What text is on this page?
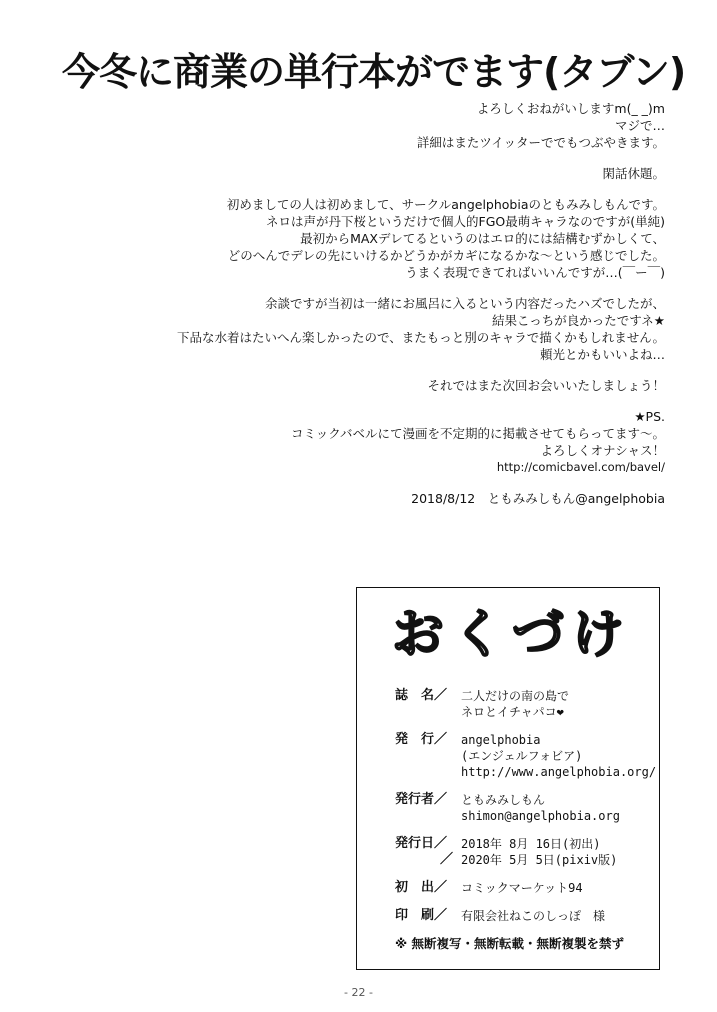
今冬に商業の単行本がでます(タブン)
よろしくおねがいしますm(_ _)m
マジで…
詳細はまたツイッターででもつぶやきます。
閑話休題。
初めましての人は初めまして、サークルangelphobiaのともみみしもんです。
ネロは声が丹下桜というだけで個人的FGO最萌キャラなのですが(単純)
最初からMAXデレてるというのはエロ的には結構むずかしくて、
どのへんでデレの先にいけるかどうかがカギになるかな〜という感じでした。
うまく表現できてればいいんですが…(￣ー￣)
余談ですが当初は一緒にお風呂に入るという内容だったハズでしたが、
結果こっちが良かったですネ★
下品な水着はたいへん楽しかったので、またもっと別のキャラで描くかもしれません。
頼光とかもいいよね…
それではまた次回お会いいたしましょう！
★PS.
コミックバベルにて漫画を不定期的に掲載させてもらってます〜。
よろしくオナシャス！
http://comicbavel.com/bavel/
2018/8/12　ともみみしもん@angelphobia
おくづけ
誌　名／	二人だけの南の島で
ネロとイチャパコ❤
発　行／	angelphobia
(エンジェルフォビア)
http://www.angelphobia.org/
発行者／	ともみみしもん
shimon@angelphobia.org
発行日／	2018年 8月 16日(初出)
／ 2020年 5月 5日(pixiv版)
初　出／	コミックマーケット94
印　刷／	有限会社ねこのしっぽ　様
※ 無断複写・無断転載・無断複製を禁ず
- 22 -
